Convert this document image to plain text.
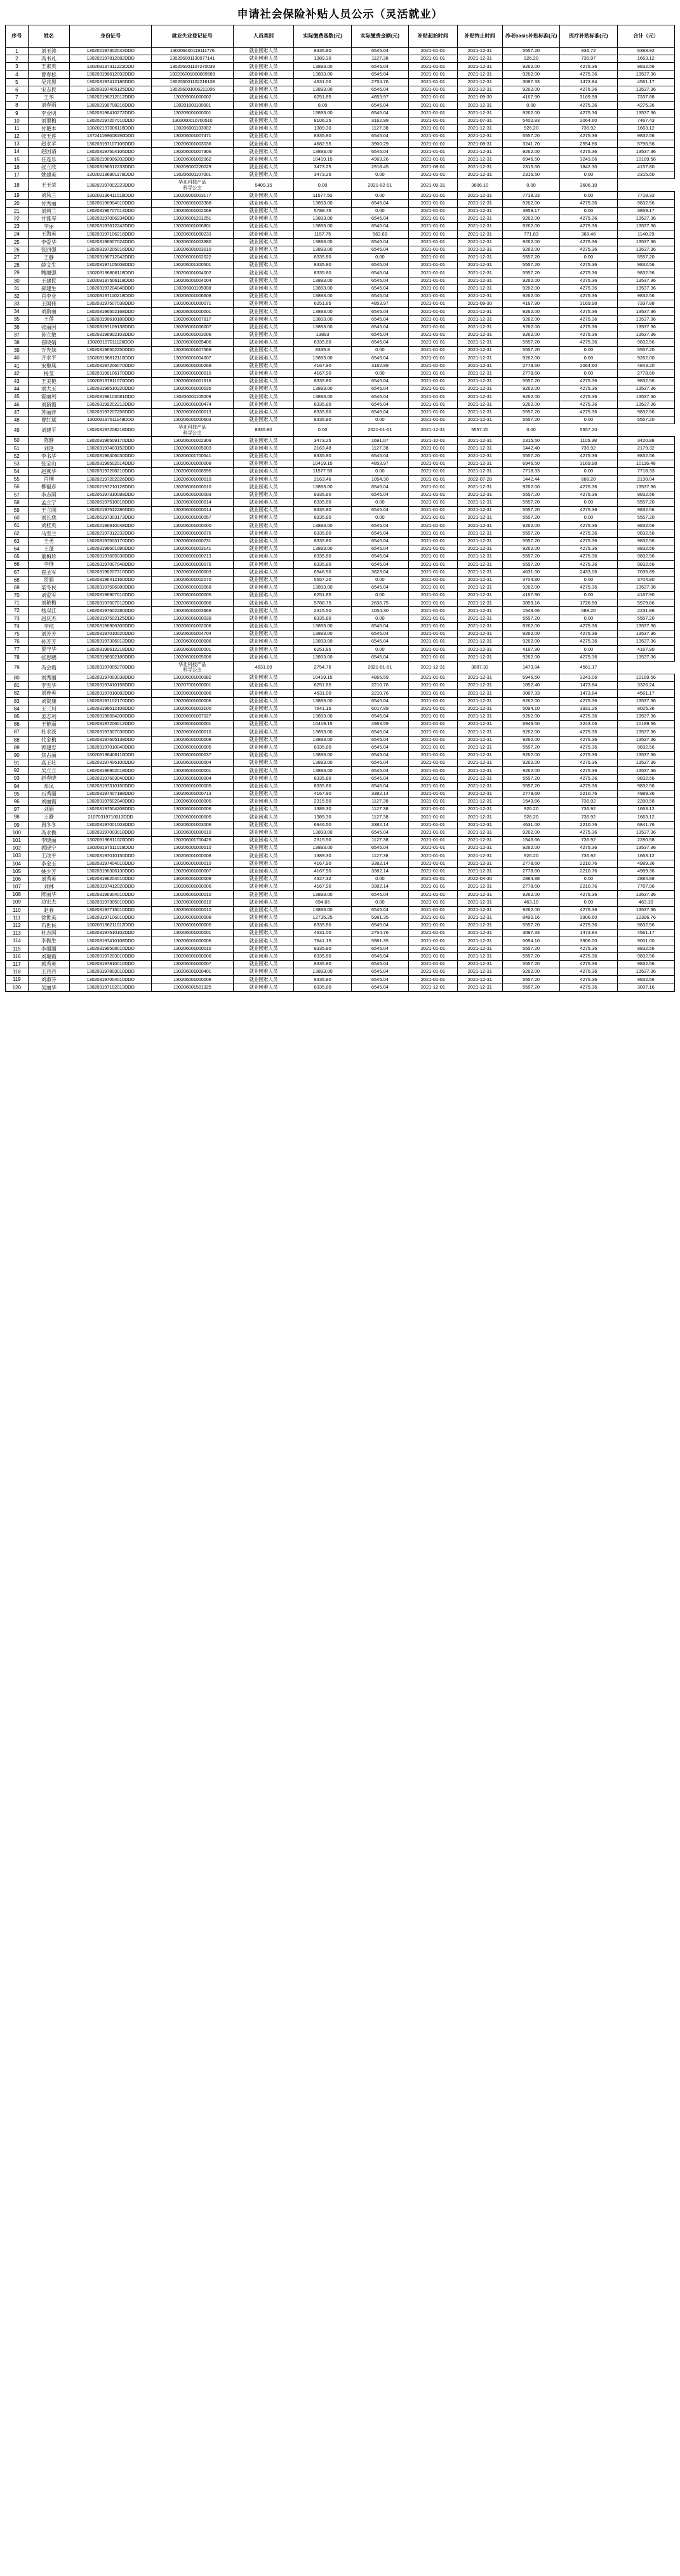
申请社会保险补贴人员公示（灵活就业）
序号	姓名	身份证号	就业失业登记证号	人员类别	实际缴费基数(元)	实际缴费金额(元)	补贴起始时间	补贴终止时间	养老basic补贴标准(元)	医疗补贴标准(元)	合计（元）
1	刘玉涛	130202197302042DDD	130209400119111776	就业困难人员	8335.80	6545.04	2021-01-01	2021-12-31	5557.20	836.72	6393.92
2	冯书礼	130202197812082DDD	130206001130077141	就业困难人员	1389.30	1127.38	2021-01-01	2021-12-31	926.20	736.97	1663.12
3	王素英	130203197311222DDD	130206001107270039	就业困难人员	13893.00	6545.04	2021-01-01	2021-12-31	9262.00	4275.36	9832.56
4	曹春松	130203196612092DDD	130206001000089589	就业困难人员	13893.00	6545.04	2021-01-01	2021-12-31	9262.00	4275.36	13537.36
5	吴兆黑	130203197412186DDD	130206001102216108	就业困难人员	4631.00	2754.76	2021-01-01	2021-12-31	3087.33	1473.84	4561.17
6	宋志民	130203197405125DDD	130206001006211006	就业困难人员	13893.00	6545.04	2021-01-01	2021-12-31	9262.00	4275.36	13537.36
7	王华	130202196212012DDD	130209001000002	就业困难人员	6251.85	4853.97	2021-01-01	2021-09-30	4167.90	3169.98	7337.88
8	刘春雨	130202196708216DDD	130201001100001	就业困难人员	8.00	6545.04	2021-01-01	2021-12-31	0.00	4275.36	4275.36
9	李业明	130203196410272DDD	130209001000001	就业困难人员	13893.00	6545.04	2021-01-01	2021-12-31	9262.00	4275.36	13537.36
10	刘翠梅	130202197207010DDD	1302060010700510	就业困难人员	8106.25	3162.99	2021-01-01	2021-07-31	5402.83	2064.60	7467.43
11	付艳本	130202197006118DDD	130206001103002	就业困难人员	1389.30	1127.38	2021-01-01	2021-12-31	926.20	736.92	1663.12
12	张玉莲	137241198608190DDD	130206001007471	就业困难人员	8335.80	6545.04	2021-01-01	2021-12-31	5557.20	4275.36	9832.56
13	赵永苹	130203197107106DDD	130206001003036	就业困难人员	4682.55	3900.29	2021-01-01	2021-08-31	3241.70	2554.86	5796.56
14	赵国清	130203197504106DDD	130206001007306	就业困难人员	13893.00	6545.04	2021-01-01	2021-12-31	9262.00	4275.36	13537.36
15	任连乐	130202196906202DDD	130206001002062	就业困难人员	10419.15	4963.26	2021-01-01	2021-12-31	6946.50	3243.06	10189.56
16	张立欣	130203196512233DDD	130209000220029	就业困难人员	3473.25	2918.45	2021-08-01	2021-12-31	2315.50	1842.30	4157.80
17	姚建英	130202196801178DDD	130206001107001	就业困难人员	3473.25	0.00	2021-01-01	2021-12-31	2315.50	0.00	2315.50
18	王玉荣	130202197002223DDD	华北科技产品
科导公主	5409.15	0.00	2021-02-01	2021-09-31	3606.10	0.00	3606.10	
19	刘凤兰	130203196411018DDD	130209001003177	就业困难人员	11577.50	0.00	2021-01-01	2021-12-31	7718.33	0.00	7718.33
20	付秀丽	130206196904010DDD	130206001003388	就业困难人员	13893.00	6545.04	2021-01-01	2021-12-31	9262.00	4275.36	9832.56
21	刘莉兰	130203196707014DDD	130206001002068	就业困难人员	5788.75	0.00	2021-01-01	2021-12-31	3859.17	0.00	3859.17
22	甘雅琴	130203197006234DDD	130206001201251	就业困难人员	13893.00	6545.04	2021-01-01	2021-12-31	9262.00	4275.36	13537.36
23	李丽	130203197612242DDD	130206001006801	就业困难人员	13893.00	6545.04	2021-01-01	2021-12-31	9262.00	4275.36	13537.36
24	王海英	130203197106216DDD	130206001000233	就业困难人员	1157.75	563.69	2021-01-01	2021-12-31	771.83	368.46	1140.29
25	李爱华	130203196507024DDD	130206001003380	就业困难人员	13893.00	6545.04	2021-01-01	2021-12-31	9262.00	4275.36	13537.36
26	张四强	130203197205016DDD	130206001003010	就业困难人员	13893.00	6545.04	2021-01-01	2021-12-31	9262.00	4275.36	13537.36
27	王静	130203196712042DDD	130206001002022	就业困难人员	8335.80	0.00	2021-01-01	2021-12-31	5557.20	0.00	5557.20
28	薛文生	130203197105008DDD	130206001300501	就业困难人员	8335.80	6545.04	2021-01-01	2021-12-31	5557.20	4275.36	9832.56
29	鲍丽强	130203196806118DDD	130206001004002	就业困难人员	8335.80	6545.04	2021-01-01	2021-12-31	5557.20	4275.36	9832.56
30	王建民	130203197506118DDD	130206001004004	就业困难人员	13893.00	6545.04	2021-01-01	2021-12-31	9262.00	4275.36	13537.36
31	郝建生	130203197204048DDD	130206001105008	就业困难人员	13893.00	6545.04	2021-01-01	2021-12-31	9262.00	4275.36	13537.36
32	肖李业	130203197110218DDD	130206001006608	就业困难人员	13893.00	6545.04	2021-01-01	2021-12-31	9262.00	4275.36	9832.56
33	王国伟	130203197507038DDD	130206001000071	就业困难人员	6251.85	4853.97	2021-01-01	2021-09-30	4167.90	3169.98	7337.88
34	刘新丽	130203196502168DDD	130206001000001	就业困难人员	13893.00	6545.04	2021-01-01	2021-12-31	9262.00	4275.36	13537.36
35	王莲	130203196610188DDD	130206001007817	就业困难人员	13893.00	6545.04	2021-01-01	2021-12-31	9262.00	4275.36	13537.36
36	张丽国	130203197109138DDD	130206001006007	就业困难人员	13893.00	6545.04	2021-01-01	2021-12-31	9262.00	4275.36	13537.36
37	孙立敏	130203196902103DDD	130206001003006	就业困难人员	13893	6545.04	2021-01-01	2021-12-31	9262.00	4275.36	13537.36
38	崔晓婧	130203197011126DDD	130206001005406	就业困难人员	8335.80	6545.04	2021-01-01	2021-12-31	5557.20	4275.36	9832.56
39	万先妹	130203196502250DDD	130206001607569	就业困难人员	8335.8	0.00	2021-01-01	2021-12-31	5557.20	0.00	5557.20
40	齐水平	130203196612110DDD	130206001004007	就业困难人员	13893.00	6545.04	2021-01-01	2021-12-31	9262.00	0.00	9262.00
41	宋聚凤	130203197206070DDD	130206001000269	就业困难人员	4167.90	3162.99	2021-01-01	2021-12-31	2778.60	2064.60	4843.20
42	杨莹	130203198106170DDD	130206001000010	就业困难人员	4167.90	0.00	2021-01-01	2021-12-31	2778.60	0.00	2778.60
43	王美艳	130203197811070DDD	130206001001616	就业困难人员	8335.80	6545.04	2021-01-01	2021-12-31	5557.20	4275.36	9832.56
44	刘大玉	130203196510220DDD	130206001000035	就业困难人员	13893.00	6545.04	2021-01-01	2021-12-31	9262.00	4275.36	13537.36
45	霍丽利	130203198103081DDD	130206001105009	就业困难人员	13893.00	6545.04	2021-01-01	2021-12-31	9262.00	4275.36	13537.36
46	刘新霞	130203199202212DDD	130206001000474	就业困难人员	8335.80	6545.04	2021-01-01	2021-12-31	9262.00	4275.36	13537.36
47	苏丽萍	130203197207258DDD	130206001000013	就业困难人员	8335.80	6545.04	2021-01-01	2021-12-31	5557.20	4275.36	9832.56
48	曹红斌	130203197511148DDD	130206001000603	就业困难人员	8335.80	0.00	2021-01-01	2021-12-31	5557.20	0.00	5557.20
49	刘建平	130203197208218DDD	华北科技产品
科导公主	8335.80	0.00	2021-01-01	2021-12-31	5557.20	0.00	5557.20	
50	陈静	130203196509170DDD	130206001002309	就业困难人员	3473.25	1691.07	2021-10-01	2021-12-31	2315.50	1105.38	3420.88
51	刘艳	130203197403152DDD	130206001005003	就业困难人员	2163.48	1127.38	2021-01-01	2021-12-31	1442.40	736.92	2179.32
52	李书华	130203196406030DDD	130206001700541	就业困难人员	8335.80	6545.04	2021-01-01	2021-12-31	5557.20	4275.36	9832.56
53	张宝山	130203196502014DDD	130206001000008	就业困难人员	10419.15	4853.97	2021-01-01	2021-12-31	6946.50	3169.98	10116.48
54	赵燕华	130203197208210DDD	130206001008595	就业困难人员	11577.50	0.00	2021-01-01	2021-12-31	7718.33	0.00	7718.33
55	肖楠	130202197202026DDD	130206001000010	就业困难人员	2163.46	1054.30	2021-01-01	2022-07-28	1442.44	688.20	2130.04
56	柳福彦	130202197210128DDD	130206001000010	就业困难人员	13893.00	6545.04	2021-01-01	2021-12-31	9262.00	4275.36	13537.36
57	李志国	130206197310088DDD	130206001000003	就业困难人员	8335.80	6545.04	2021-01-01	2021-12-31	5557.20	4275.36	9832.56
58	孟立宁	130206197510018DDD	130206001000014	就业困难人员	8335.80	0.00	2021-01-01	2021-12-31	5557.20	0.00	5557.20
59	王立刚	130202197512286DDD	130206001000014	就业困难人员	8335.80	6545.04	2021-01-01	2021-12-31	5557.20	4275.36	9832.56
60	刘长焦	130206197303173DDD	130206001000057	就业困难人员	8335.80	0.00	2021-01-01	2021-12-31	5557.20	0.00	5557.20
61	刘桂英	130202196810048DDD	130206001000000	就业困难人员	13893.00	6545.04	2021-01-01	2021-12-31	9262.00	4275.36	9832.56
62	马雪兰	130202197312232DDD	130206001000076	就业困难人员	8335.80	6545.04	2021-01-01	2021-12-31	5557.20	4275.36	9832.56
63	王勇	130203197503170DDD	130206001000731	就业困难人员	8335.80	6545.04	2021-01-01	2021-12-31	5557.20	4275.36	9832.56
64	王蓬	130203196601080DDD	130206001003141	就业困难人员	13893.00	6545.04	2021-01-01	2021-12-31	9262.00	4275.36	9832.56
65	董梅珍	130203197605038DDD	130206001000213	就业困难人员	8335.80	6545.04	2021-01-01	2021-12-31	5557.20	4275.36	9832.56
66	李群	130203197007048DDD	130206001000076	就业困难人员	8335.80	6545.04	2021-01-01	2021-12-31	5557.20	4275.36	9832.56
67	崔圣军	130203196207310DDD	130206001000003	就业困难人员	6946.50	3823.04	2021-01-01	2021-12-31	4631.00	2433.06	7035.89
68	贺娟	130203196412160DDD	130206001002070	就业困难人员	5557.20	0.00	2021-01-01	2021-12-31	3704.80	0.00	3704.80
69	梁冬民	130203197506080DDD	130206001003068	就业困难人员	13893.00	6545.04	2021-01-01	2021-12-31	9262.00	4275.36	13537.36
70	刘爱军	130203196907010DDD	130206001000005	就业困难人员	6251.85	0.00	2021-01-01	2021-12-31	4167.90	0.00	4167.90
71	刘艳梅	130203197507012DDD	130206001000006	就业困难人员	5788.75	2636.75	2021-01-01	2021-12-31	3859.16	1726.50	5579.66
72	杨双江	130203197602280DDD	130206001003669	就业困难人员	2315.50	1054.30	2021-01-01	2021-12-31	1543.66	688.20	2231.86
73	赵庆杰	130203197502125DDD	130206001000039	就业困难人员	8335.80	0.00	2021-01-01	2021-12-31	5557.20	0.00	5557.20
74	李杭	130203196906300DDD	130206001002006	就业困难人员	13893.00	6545.04	2021-01-01	2021-12-31	9262.00	4275.36	13537.36
75	刘芳芳	130203197010020DDD	130206001004704	就业困难人员	13893.00	6545.04	2021-01-01	2021-12-31	9262.00	4275.36	13537.36
76	孙芳芳	130203197306012DDD	130206001000006	就业困难人员	13893.00	6545.04	2021-01-01	2021-12-31	9262.00	4275.36	13537.36
77	贾守华	130203196612218DDD	130206001000001	就业困难人员	6251.85	0.00	2021-01-01	2021-12-31	4167.90	0.00	4167.90
78	张思鹏	130203196502180DDD	130206001005006	就业困难人员	13893.00	6545.04	2021-01-01	2021-12-31	9262.00	4275.36	13537.36
79	冯会霞	130203197005278DDD	华北科技产品
科导公主	4631.00	2754.76	2021-01-01	2021-12-31	3087.33	1473.84	4561.17	
80	刘秀丽	130203197003038DDD	130206001000082	就业困难人员	10419.15	4866.59	2021-01-01	2021-12-31	6946.50	3243.06	10189.56
81	李雪华	130203197410158DDD	130207001000001	就业困难人员	6251.85	2210.76	2021-01-01	2021-12-31	1852.40	1473.84	3326.24
82	刘连英	130203197010082DDD	130206001000006	就业困难人员	4631.00	2210.76	2021-01-01	2021-12-31	3087.33	1473.84	4561.17
83	刘贺康	130203197102170DDD	130206001000006	就业困难人员	13893.00	6545.04	2021-01-01	2021-12-31	9262.00	4275.36	13537.36
84	王三川	130203196612108DDD	130206001003100	就业困难人员	7641.15	6017.89	2021-01-01	2021-12-31	5094.10	3931.26	9025.36
85	姜志利	130203196504208DDD	130206001007027	就业困难人员	13893.00	6545.04	2021-01-01	2021-12-31	9262.00	4275.36	13537.36
86	王艳丽	130203197206012DDD	130206001000001	就业困难人员	10419.15	4963.59	2021-01-01	2021-12-31	6946.50	3243.06	10189.56
87	杜永波	130203197307036DDD	130206001000010	就业困难人员	13893.00	6545.04	2021-01-01	2021-12-31	9262.00	4275.36	13537.36
88	代金梅	130203197605138DDD	130206001000008	就业困难人员	13893.00	6545.04	2021-01-01	2021-12-31	9262.00	4275.36	13537.36
89	郭建忠	130203197010040DDD	130206001000005	就业困难人员	8335.80	6545.04	2021-01-01	2021-12-31	5557.20	4275.36	9832.56
90	焦占丽	130203196406110DDD	130206001000037	就业困难人员	13893.00	6545.04	2021-01-01	2021-12-31	9262.00	4275.36	13537.36
91	高王壮	130203197406100DDD	130206001000004	就业困难人员	13893.00	6545.04	2021-01-01	2021-12-31	9262.00	4275.36	13537.36
92	吴立立	130203196902018DDD	130206001000001	就业困难人员	13893.00	6545.04	2021-01-01	2021-12-31	9262.00	4275.36	13537.36
93	赵春晓	130203197603040DDD	130206001000004	就业困难人员	8335.80	6545.04	2021-01-01	2021-12-31	5557.20	4275.36	9832.56
94	郑凤	130203197310150DDD	130206001000005	就业困难人员	8335.80	6545.04	2021-01-01	2021-12-31	5557.20	4275.36	9832.56
95	石秀丽	130203197407188DDD	130206001000713	就业困难人员	4167.90	3382.14	2021-01-01	2021-12-31	2778.60	2210.76	4989.36
96	刘丽霞	130203197502048DDD	130206001000005	就业困难人员	2315.50	1127.38	2021-01-01	2021-12-31	1543.66	736.92	2280.58
97	刘娟	130203197504208DDD	130206001000006	就业困难人员	1389.30	1127.38	2021-01-01	2021-12-31	926.20	736.92	1663.12
98	王静	21070319710013DDD	130206001000005	就业困难人员	1389.30	1127.38	2021-01-01	2021-12-31	926.20	736.92	1663.12
99	周冬冬	130203197001003DDD	130206001003006	就业困难人员	6946.50	3382.14	2021-01-01	2021-12-31	4631.00	2210.76	6841.76
100	冯永换	130203197003018DDD	130206001000010	就业困难人员	13893.00	6545.04	2021-01-01	2021-12-31	9262.00	4275.36	13537.36
101	李晓丽	130203196911020DDD	130206001700426	就业困难人员	2315.50	1127.38	2021-01-01	2021-12-31	1543.66	736.92	2280.58
102	郭晓宁	130203197511018DDD	130206001000010	就业困难人员	13893.00	6545.04	2021-01-01	2021-12-31	9262.00	4275.36	13537.36
103	王改平	130203197010150DDD	130206001000008	就业困难人员	1389.30	1127.38	2021-01-01	2021-12-31	926.20	736.92	1663.12
104	李金玉	130203197404010DDD	130206001000010	就业困难人员	4167.90	3382.14	2021-01-01	2021-12-31	2778.60	2210.76	4989.36
105	姚少芳	130203196306130DDD	130206001000007	就业困难人员	4167.90	3382.14	2021-01-01	2021-12-31	2778.60	2210.76	4989.36
106	刘秀英	130203196204010DDD	130206001000008	就业困难人员	4327.32	0.00	2021-01-01	2022-04-30	2884.88	0.00	2884.88
107	刘林	130203197412020DDD	130206001000006	就业困难人员	4167.90	3382.14	2021-01-01	2021-12-31	2778.60	2210.76	7767.96
108	陈丽华	130203196304010DDD	130206001000010	就业困难人员	13893.00	6545.04	2021-01-01	2021-12-31	9262.00	4275.36	13537.36
109	边宏杰	130203197305010DDD	130206001000010	就业困难人员	694.65	0.00	2021-01-01	2021-12-31	463.10	0.00	463.10
110	赵春	130203197715010DDD	130206001000010	就业困难人员	13893.00	6545.04	2021-01-01	2021-12-31	9262.00	4275.36	13537.36
111	徐世英	130203197106010DDD	130206001000008	就业困难人员	12735.25	5981.35	2021-01-01	2021-12-31	8490.16	3906.60	12396.76
112	石世民	130203196211012DDD	130206001000005	就业困难人员	8335.80	6545.04	2021-01-01	2021-12-31	5557.20	4275.36	9832.56
113	杜志国	130203197610102DDD	130206001000001	就业困难人员	4631.00	2754.76	2021-01-01	2021-12-31	3087.33	1473.84	4561.17
114	李振生	130203197410108DDD	130206001000006	就业困难人员	7641.15	5981.35	2021-01-01	2021-12-31	5094.10	3906.00	9001.00
115	李丽丽	130203196508010DDD	130206001000010	就业困难人员	8335.80	6545.04	2021-01-01	2021-12-31	5557.20	4275.36	9832.56
116	刘瑞霞	130203197203010DDD	130206001000006	就业困难人员	8335.80	6545.04	2021-01-01	2021-12-31	5557.20	4275.36	9832.56
117	郭秀英	130203197810010DDD	130206001000007	就业困难人员	8335.80	6545.04	2021-01-01	2021-12-31	5557.20	4275.36	9832.56
118	王丹丹	130203197803010DDD	130206001000401	就业困难人员	13893.00	6545.04	2021-01-01	2021-12-31	9262.00	4275.36	13537.36
119	刘淑芬	130203197004010DDD	130206001000008	就业困难人员	8335.80	6545.04	2021-01-01	2021-12-31	5557.20	4275.36	9832.56
120	吴丽华	130203197102013DDD	130206001501325	就业困难人员	8335.80	6545.04	2021-12-01	2021-12-31	5557.20	4275.36	3037.16
